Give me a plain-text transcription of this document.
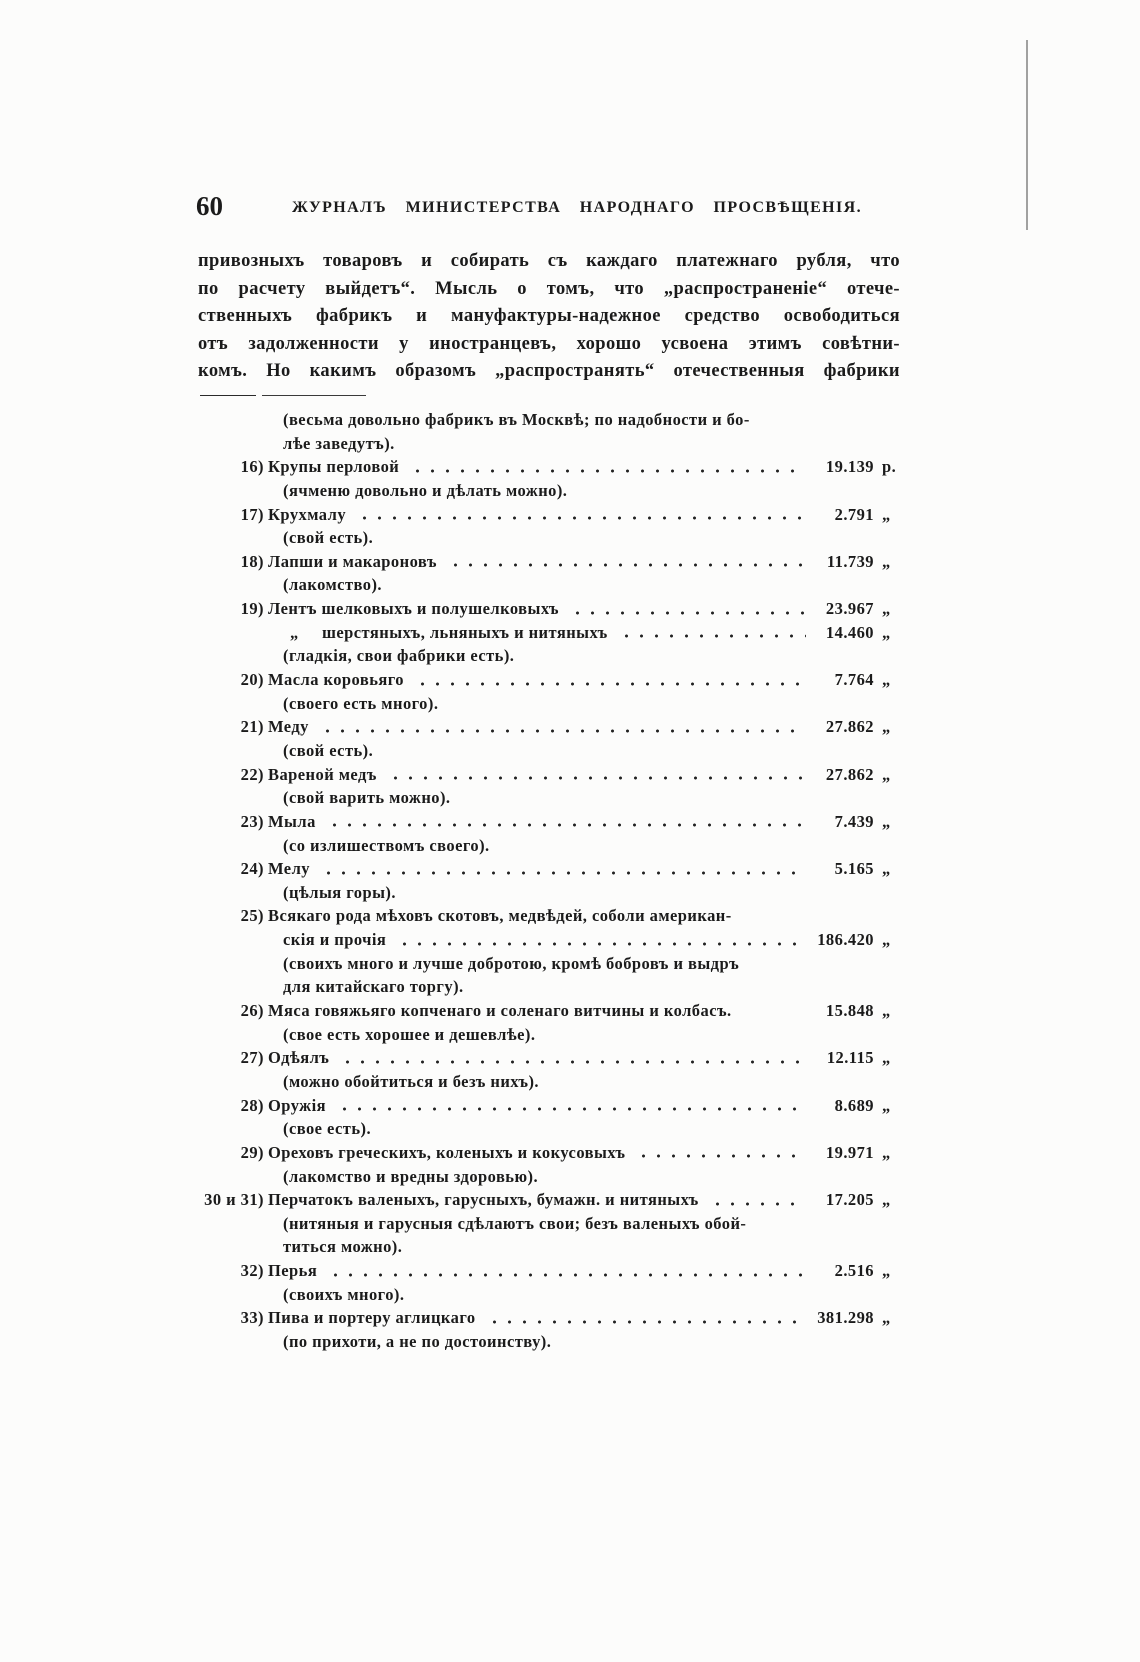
60	ЖУРНАЛЪ МИНИСТЕРСТВА НАРОДНАГО ПРОСВѢЩЕНІЯ.
привозныхъ товаровъ и собирать съ каждаго платежнаго рубля, что
по расчету выйдетъ“. Мысль о томъ, что „распространеніе“ отече-
ственныхъ фабрикъ и мануфактуры-надежное средство освободиться
отъ задолженности у иностранцевъ, хорошо усвоена этимъ совѣтни-
комъ. Но какимъ образомъ „распространять“ отечественныя фабрики
(весьма довольно фабрикъ въ Москвѣ; по надобности и бо-
лѣе заведутъ).
16) Крупы перловой	19.139 р.
(ячменю довольно и дѣлать можно).
17) Крухмалу	2.791 „
(свой есть).
18) Лапши и макароновъ	11.739 „
(лакомство).
19) Лентъ шелковыхъ и полушелковыхъ	23.967 „
„	шерстяныхъ, льняныхъ и нитяныхъ	14.460 „
(гладкія, свои фабрики есть).
20) Масла коровьяго	7.764 „
(своего есть много).
21) Меду	27.862 „
(свой есть).
22) Вареной медъ	27.862 „
(свой варить можно).
23) Мыла	7.439 „
(со излишествомъ своего).
24) Мелу	5.165 „
(цѣлыя горы).
25) Всякаго рода мѣховъ скотовъ, медвѣдей, соболи американ-
скія и прочія	186.420 „
(своихъ много и лучше добротою, кромѣ бобровъ и выдръ
для китайскаго торгу).
26) Мяса говяжьяго копченаго и соленаго витчины и колбасъ.	15.848 „
(свое есть хорошее и дешевлѣе).
27) Одѣялъ	12.115 „
(можно обойтиться и безъ нихъ).
28) Оружія	8.689 „
(свое есть).
29) Ореховъ греческихъ, коленыхъ и кокусовыхъ	19.971 „
(лакомство и вредны здоровью).
30 и 31) Перчатокъ валеныхъ, гарусныхъ, бумажн. и нитяныхъ	17.205 „
(нитяныя и гарусныя сдѣлаютъ свои; безъ валеныхъ обой-
титься можно).
32) Перья	2.516 „
(своихъ много).
33) Пива и портеру аглицкаго	381.298 „
(по прихоти, а не по достоинству).
